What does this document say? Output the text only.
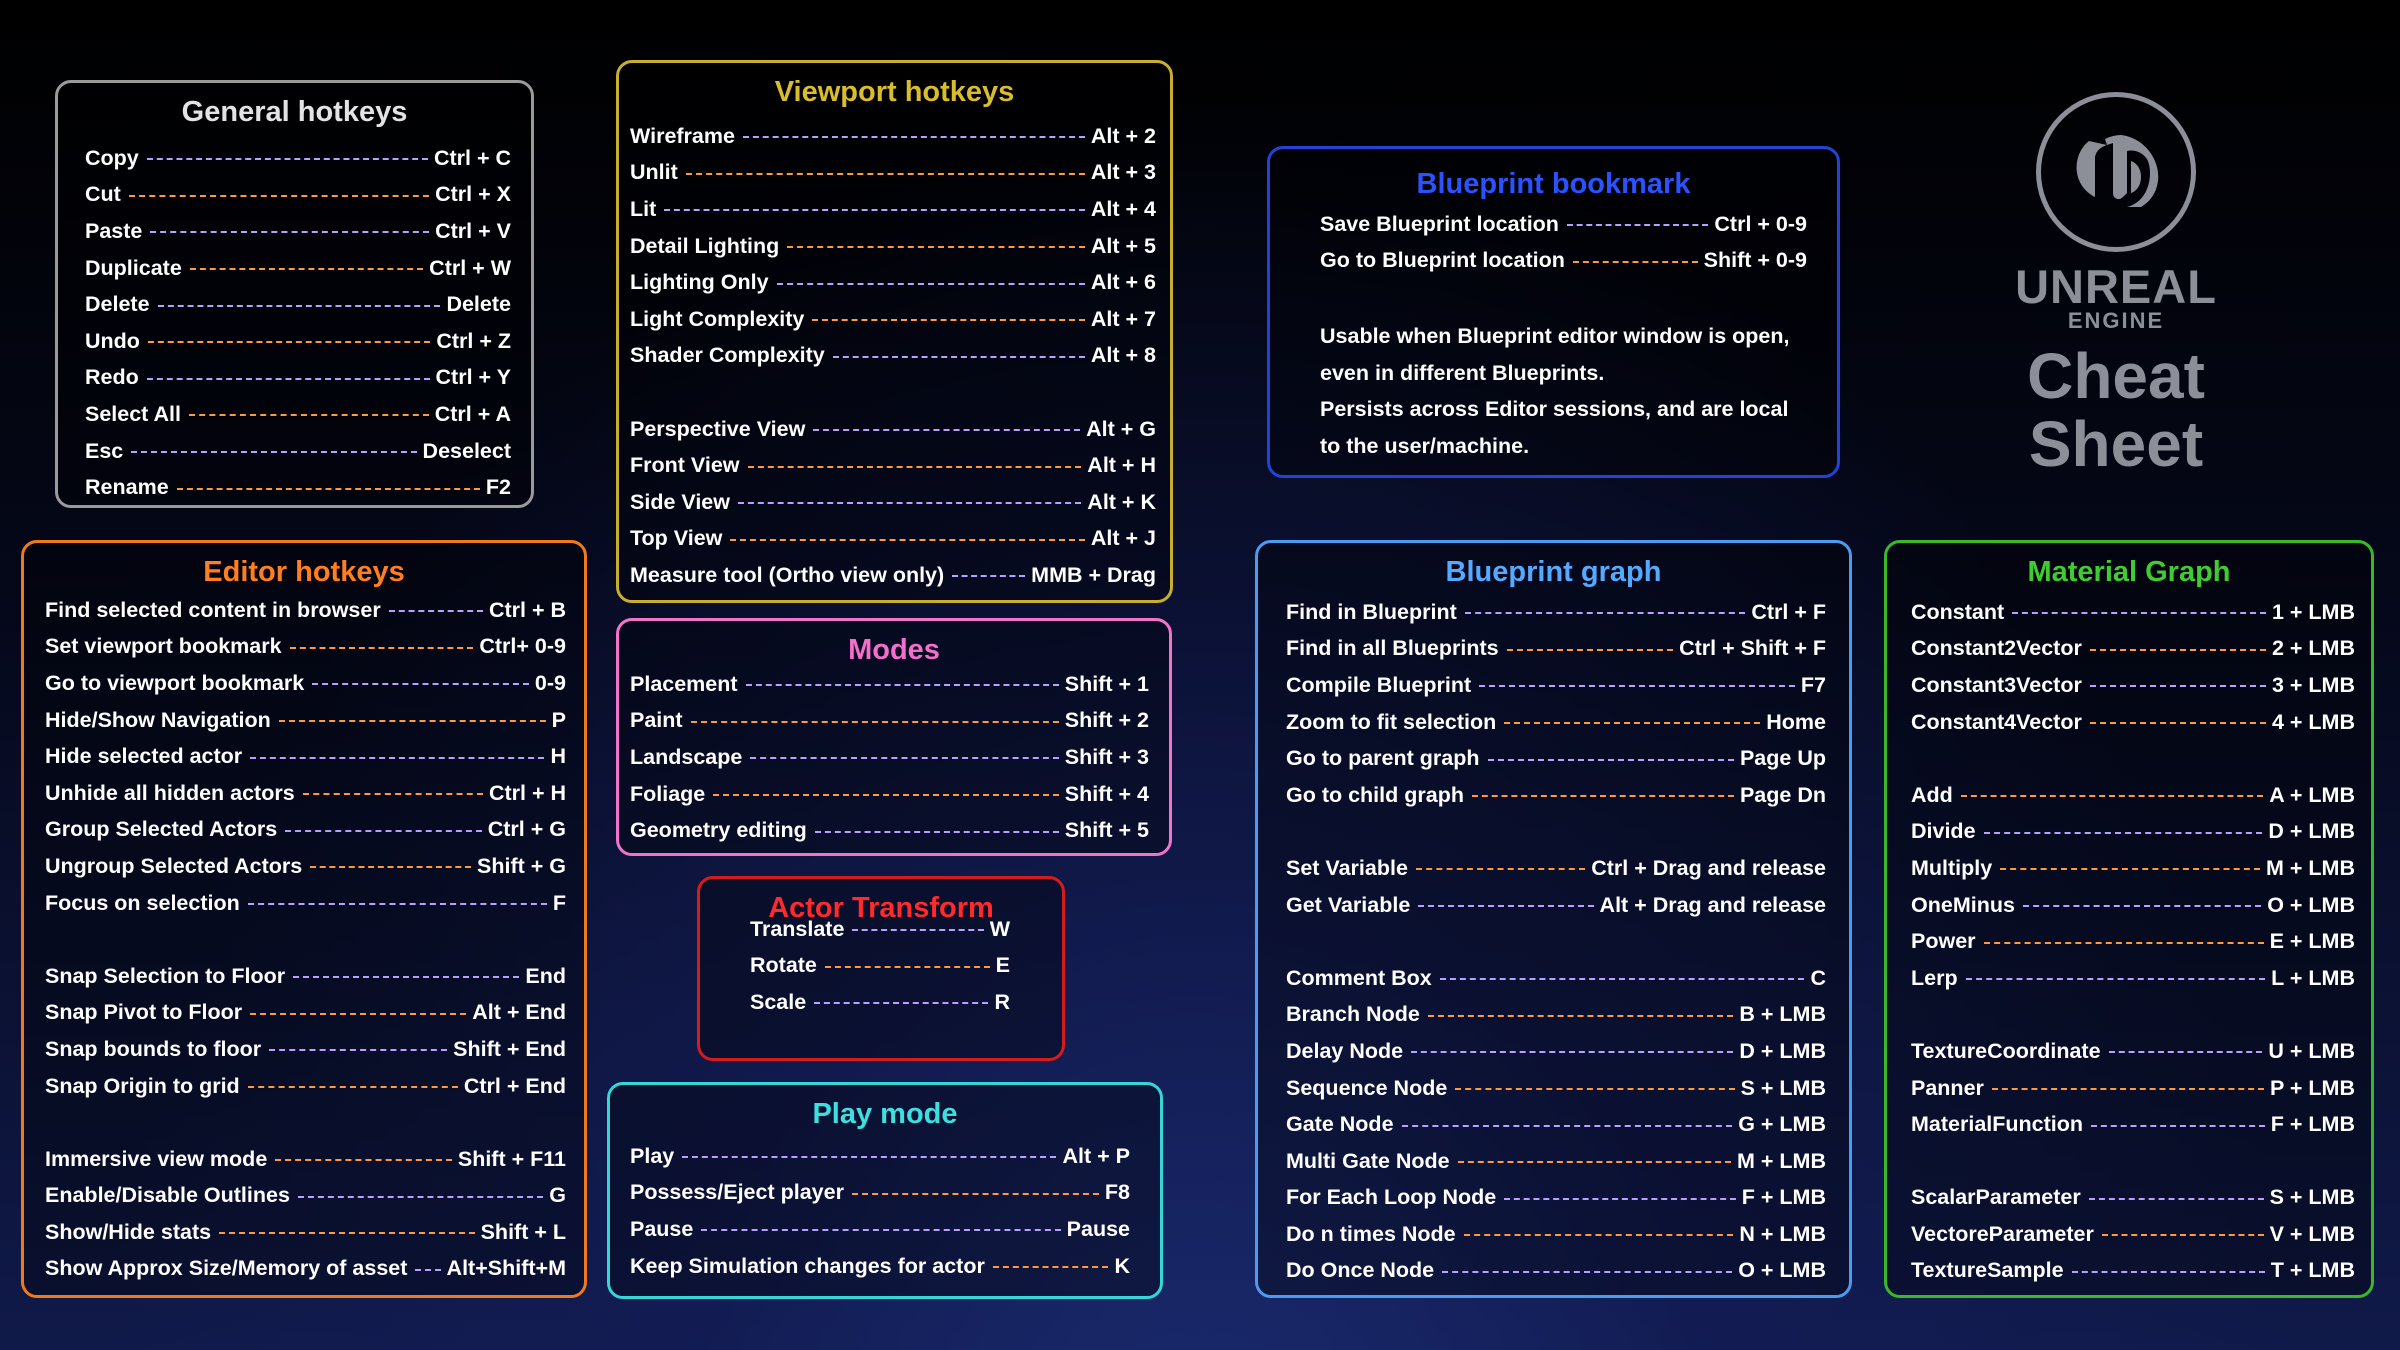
General hotkeys
Copy	Ctrl + C
Cut	Ctrl + X
Paste	Ctrl + V
Duplicate	Ctrl + W
Delete	Delete
Undo	Ctrl + Z
Redo	Ctrl + Y
Select All	Ctrl + A
Esc	Deselect
Rename	F2
Editor hotkeys
Find selected content in browser	Ctrl + B
Set viewport bookmark	Ctrl+ 0-9
Go to viewport bookmark	0-9
Hide/Show Navigation	P
Hide selected actor	H
Unhide all hidden actors	Ctrl + H
Group Selected Actors	Ctrl + G
Ungroup Selected Actors	Shift + G
Focus on selection	F
Snap Selection to Floor	End
Snap Pivot to Floor	Alt + End
Snap bounds to floor	Shift + End
Snap Origin to grid	Ctrl + End
Immersive view mode	Shift + F11
Enable/Disable Outlines	G
Show/Hide stats	Shift + L
Show Approx Size/Memory of asset Alt+Shift+M
Viewport hotkeys
Wireframe	Alt + 2
Unlit	Alt + 3
Lit	Alt + 4
Detail Lighting	Alt + 5
Lighting Only	Alt + 6
Light Complexity	Alt + 7
Shader Complexity	Alt + 8
Perspective View	Alt + G
Front View	Alt + H
Side View	Alt + K
Top View	Alt + J
Measure tool (Ortho view only)	MMB + Drag
Modes
Placement	Shift + 1
Paint	Shift + 2
Landscape	Shift + 3
Foliage	Shift + 4
Geometry editing	Shift + 5
Actor Transform
Translate	W
Rotate	E
Scale	R
Play mode
Play	Alt + P
Possess/Eject player	F8
Pause	Pause
Keep Simulation changes for actor	K
Blueprint bookmark
Save Blueprint location	Ctrl + 0-9
Go to Blueprint location	Shift + 0-9
Usable when Blueprint editor window is open,
even in different Blueprints.
Persists across Editor sessions, and are local
to the user/machine.
Blueprint graph
Find in Blueprint	Ctrl + F
Find in all Blueprints	Ctrl + Shift + F
Compile Blueprint	F7
Zoom to fit selection	Home
Go to parent graph	Page Up
Go to child graph	Page Dn
Set Variable	Ctrl + Drag and release
Get Variable	Alt + Drag and release
Comment Box	C
Branch Node	B + LMB
Delay Node	D + LMB
Sequence Node	S + LMB
Gate Node	G + LMB
Multi Gate Node	M + LMB
For Each Loop Node	F + LMB
Do n times Node	N + LMB
Do Once Node	O + LMB
Material Graph
Constant	1 + LMB
Constant2Vector	2 + LMB
Constant3Vector	3 + LMB
Constant4Vector	4 + LMB
Add	A + LMB
Divide	D + LMB
Multiply	M + LMB
OneMinus	O + LMB
Power	E + LMB
Lerp	L + LMB
TextureCoordinate	U + LMB
Panner	P + LMB
MaterialFunction	F + LMB
ScalarParameter	S + LMB
VectoreParameter	V + LMB
TextureSample	T + LMB
UNREAL
ENGINE
Cheat
Sheet
